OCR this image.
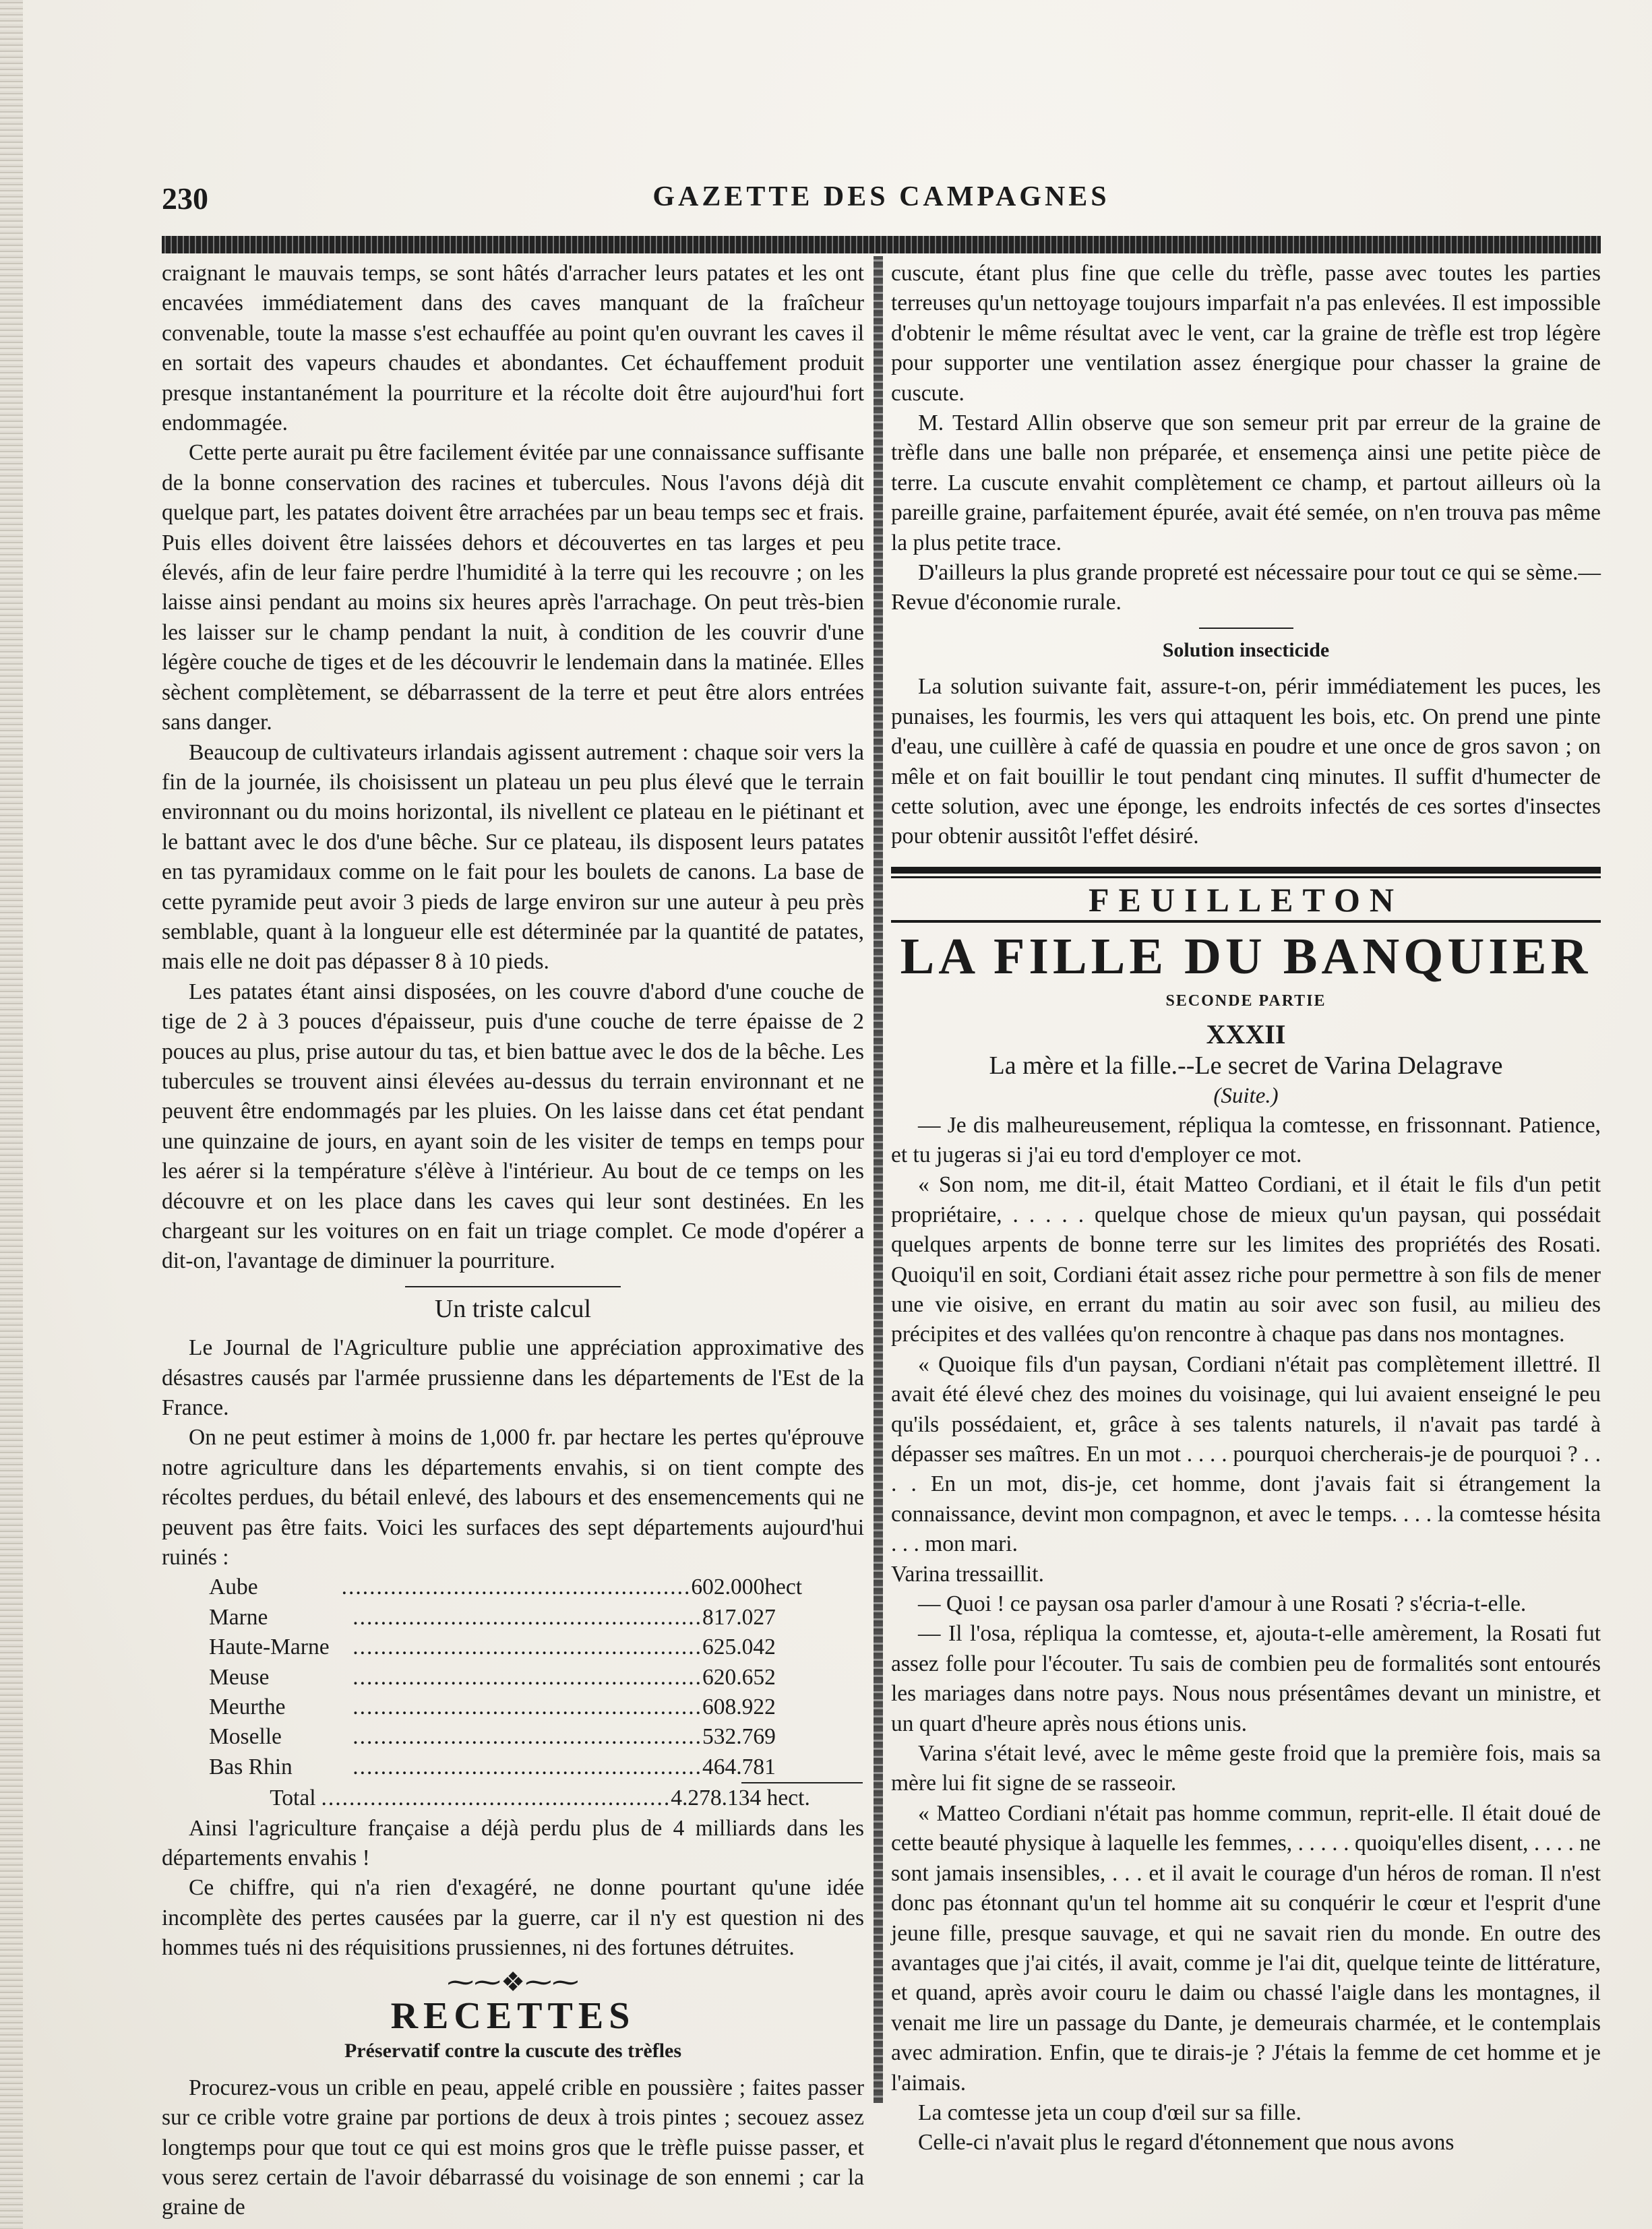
230	GAZETTE DES CAMPAGNES

craignant le mauvais temps, se sont hâtés d'arracher leurs patates et les ont encavées immédiatement dans des caves manquant de la fraîcheur convenable, toute la masse s'est echauffée au point qu'en ouvrant les caves il en sortait des vapeurs chaudes et abondantes. Cet échauffement produit presque instantanément la pourriture et la récolte doit être aujourd'hui fort endommagée.

Cette perte aurait pu être facilement évitée par une connaissance suffisante de la bonne conservation des racines et tubercules. Nous l'avons déjà dit quelque part, les patates doivent être arrachées par un beau temps sec et frais. Puis elles doivent être laissées dehors et découvertes en tas larges et peu élevés, afin de leur faire perdre l'humidité à la terre qui les recouvre ; on les laisse ainsi pendant au moins six heures après l'arrachage. On peut très-bien les laisser sur le champ pendant la nuit, à condition de les couvrir d'une légère couche de tiges et de les découvrir le lendemain dans la matinée. Elles sèchent complètement, se débarrassent de la terre et peut être alors entrées sans danger.

Beaucoup de cultivateurs irlandais agissent autrement : chaque soir vers la fin de la journée, ils choisissent un plateau un peu plus élevé que le terrain environnant ou du moins horizontal, ils nivellent ce plateau en le piétinant et le battant avec le dos d'une bêche. Sur ce plateau, ils disposent leurs patates en tas pyramidaux comme on le fait pour les boulets de canons. La base de cette pyramide peut avoir 3 pieds de large environ sur une auteur à peu près semblable, quant à la longueur elle est déterminée par la quantité de patates, mais elle ne doit pas dépasser 8 à 10 pieds.

Les patates étant ainsi disposées, on les couvre d'abord d'une couche de tige de 2 à 3 pouces d'épaisseur, puis d'une couche de terre épaisse de 2 pouces au plus, prise autour du tas, et bien battue avec le dos de la bêche. Les tubercules se trouvent ainsi élevées au-dessus du terrain environnant et ne peuvent être endommagés par les pluies. On les laisse dans cet état pendant une quinzaine de jours, en ayant soin de les visiter de temps en temps pour les aérer si la température s'élève à l'intérieur. Au bout de ce temps on les découvre et on les place dans les caves qui leur sont destinées. En les chargeant sur les voitures on en fait un triage complet. Ce mode d'opérer a dit-on, l'avantage de diminuer la pourriture.

Un triste calcul

Le Journal de l'Agriculture publie une appréciation approximative des désastres causés par l'armée prussienne dans les départements de l'Est de la France.

On ne peut estimer à moins de 1,000 fr. par hectare les pertes qu'éprouve notre agriculture dans les départements envahis, si on tient compte des récoltes perdues, du bétail enlevé, des labours et des ensemencements qui ne peuvent pas être faits. Voici les surfaces des sept départements aujourd'hui ruinés :

Aube	.................................................. 602.000hect
Marne	.................................................. 817.027
Haute-Marne	.................................................. 625.042
Meuse	.................................................. 620.652
Meurthe	.................................................. 608.922
Moselle	.................................................. 532.769
Bas Rhin	.................................................. 464.781
Total .................................................. 4.278.134 hect.

Ainsi l'agriculture française a déjà perdu plus de 4 milliards dans les départements envahis !

Ce chiffre, qui n'a rien d'exagéré, ne donne pourtant qu'une idée incomplète des pertes causées par la guerre, car il n'y est question ni des hommes tués ni des réquisitions prussiennes, ni des fortunes détruites.

⁓⁓❖⁓⁓
RECETTES
Préservatif contre la cuscute des trèfles

Procurez-vous un crible en peau, appelé crible en poussière ; faites passer sur ce crible votre graine par portions de deux à trois pintes ; secouez assez longtemps pour que tout ce qui est moins gros que le trèfle puisse passer, et vous serez certain de l'avoir débarrassé du voisinage de son ennemi ; car la graine de

cuscute, étant plus fine que celle du trèfle, passe avec toutes les parties terreuses qu'un nettoyage toujours imparfait n'a pas enlevées. Il est impossible d'obtenir le même résultat avec le vent, car la graine de trèfle est trop légère pour supporter une ventilation assez énergique pour chasser la graine de cuscute.

M. Testard Allin observe que son semeur prit par erreur de la graine de trèfle dans une balle non préparée, et ensemença ainsi une petite pièce de terre. La cuscute envahit complètement ce champ, et partout ailleurs où la pareille graine, parfaitement épurée, avait été semée, on n'en trouva pas même la plus petite trace.

D'ailleurs la plus grande propreté est nécessaire pour tout ce qui se sème.—Revue d'économie rurale.

Solution insecticide

La solution suivante fait, assure-t-on, périr immédiatement les puces, les punaises, les fourmis, les vers qui attaquent les bois, etc. On prend une pinte d'eau, une cuillère à café de quassia en poudre et une once de gros savon ; on mêle et on fait bouillir le tout pendant cinq minutes. Il suffit d'humecter de cette solution, avec une éponge, les endroits infectés de ces sortes d'insectes pour obtenir aussitôt l'effet désiré.

FEUILLETON
LA FILLE DU BANQUIER
SECONDE PARTIE
XXXII
La mère et la fille.--Le secret de Varina Delagrave
(Suite.)

— Je dis malheureusement, répliqua la comtesse, en frissonnant. Patience, et tu jugeras si j'ai eu tord d'employer ce mot.

« Son nom, me dit-il, était Matteo Cordiani, et il était le fils d'un petit propriétaire, . . . . . quelque chose de mieux qu'un paysan, qui possédait quelques arpents de bonne terre sur les limites des propriétés des Rosati. Quoiqu'il en soit, Cordiani était assez riche pour permettre à son fils de mener une vie oisive, en errant du matin au soir avec son fusil, au milieu des précipites et des vallées qu'on rencontre à chaque pas dans nos montagnes.

« Quoique fils d'un paysan, Cordiani n'était pas complètement illettré. Il avait été élevé chez des moines du voisinage, qui lui avaient enseigné le peu qu'ils possédaient, et, grâce à ses talents naturels, il n'avait pas tardé à dépasser ses maîtres. En un mot . . . . pourquoi chercherais-je de pourquoi ? . . . . En un mot, dis-je, cet homme, dont j'avais fait si étrangement la connaissance, devint mon compagnon, et avec le temps. . . . la comtesse hésita . . . mon mari.

Varina tressaillit.

— Quoi ! ce paysan osa parler d'amour à une Rosati ? s'écria-t-elle.

— Il l'osa, répliqua la comtesse, et, ajouta-t-elle amèrement, la Rosati fut assez folle pour l'écouter. Tu sais de combien peu de formalités sont entourés les mariages dans notre pays. Nous nous présentâmes devant un ministre, et un quart d'heure après nous étions unis.

Varina s'était levé, avec le même geste froid que la première fois, mais sa mère lui fit signe de se rasseoir.

« Matteo Cordiani n'était pas homme commun, reprit-elle. Il était doué de cette beauté physique à laquelle les femmes, . . . . . quoiqu'elles disent, . . . . ne sont jamais insensibles, . . . et il avait le courage d'un héros de roman. Il n'est donc pas étonnant qu'un tel homme ait su conquérir le cœur et l'esprit d'une jeune fille, presque sauvage, et qui ne savait rien du monde. En outre des avantages que j'ai cités, il avait, comme je l'ai dit, quelque teinte de littérature, et quand, après avoir couru le daim ou chassé l'aigle dans les montagnes, il venait me lire un passage du Dante, je demeurais charmée, et le contemplais avec admiration. Enfin, que te dirais-je ? J'étais la femme de cet homme et je l'aimais.

La comtesse jeta un coup d'œil sur sa fille.

Celle-ci n'avait plus le regard d'étonnement que nous avons
